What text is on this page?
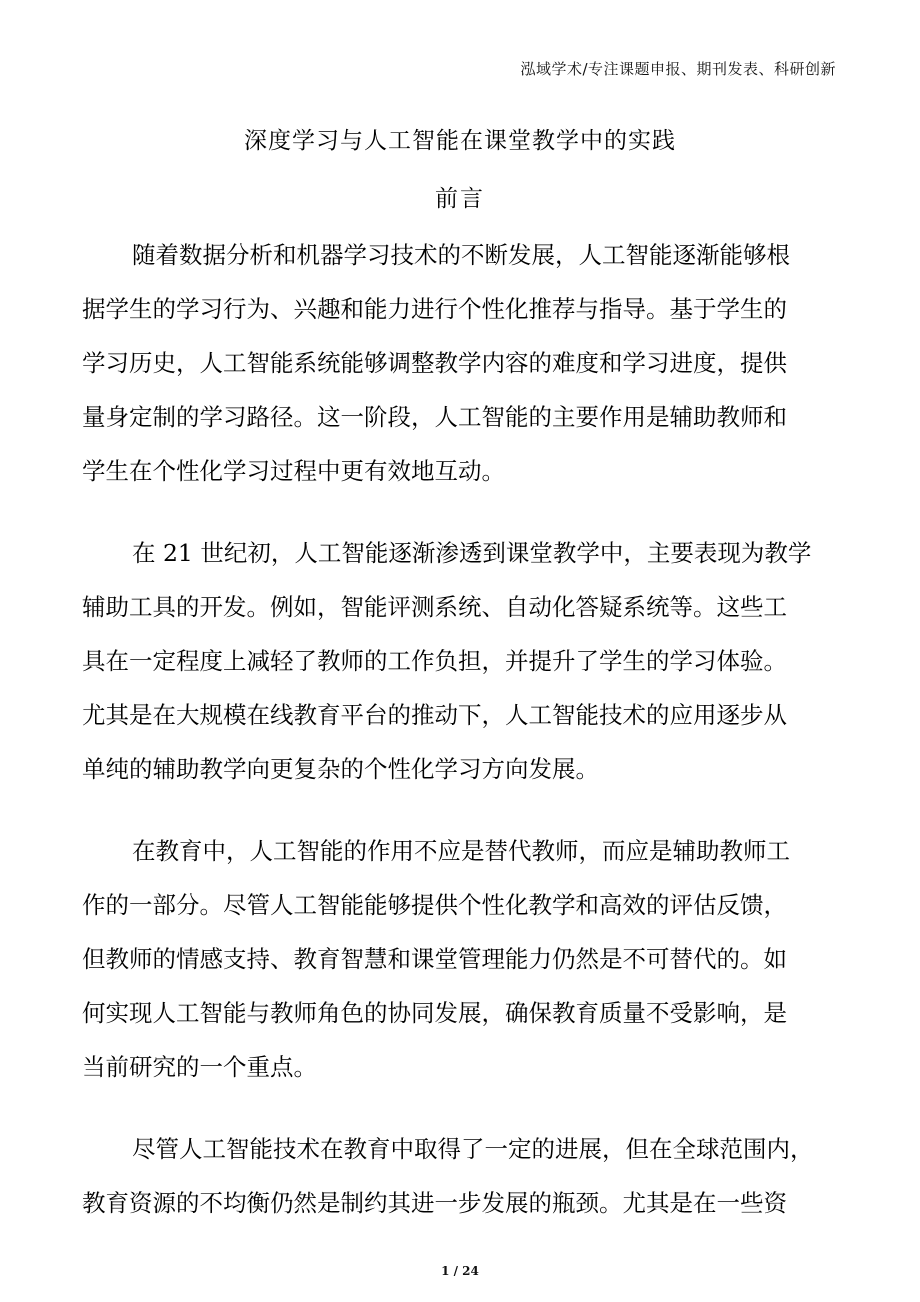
泓域学术/专注课题申报、期刊发表、科研创新
深度学习与人工智能在课堂教学中的实践
前言
随着数据分析和机器学习技术的不断发展，人工智能逐渐能够根
据学生的学习行为、兴趣和能力进行个性化推荐与指导。基于学生的
学习历史，人工智能系统能够调整教学内容的难度和学习进度，提供
量身定制的学习路径。这一阶段，人工智能的主要作用是辅助教师和
学生在个性化学习过程中更有效地互动。
在 21 世纪初，人工智能逐渐渗透到课堂教学中，主要表现为教学
辅助工具的开发。例如，智能评测系统、自动化答疑系统等。这些工
具在一定程度上减轻了教师的工作负担，并提升了学生的学习体验。
尤其是在大规模在线教育平台的推动下，人工智能技术的应用逐步从
单纯的辅助教学向更复杂的个性化学习方向发展。
在教育中，人工智能的作用不应是替代教师，而应是辅助教师工
作的一部分。尽管人工智能能够提供个性化教学和高效的评估反馈，
但教师的情感支持、教育智慧和课堂管理能力仍然是不可替代的。如
何实现人工智能与教师角色的协同发展，确保教育质量不受影响，是
当前研究的一个重点。
尽管人工智能技术在教育中取得了一定的进展，但在全球范围内，
教育资源的不均衡仍然是制约其进一步发展的瓶颈。尤其是在一些资
1 / 24
